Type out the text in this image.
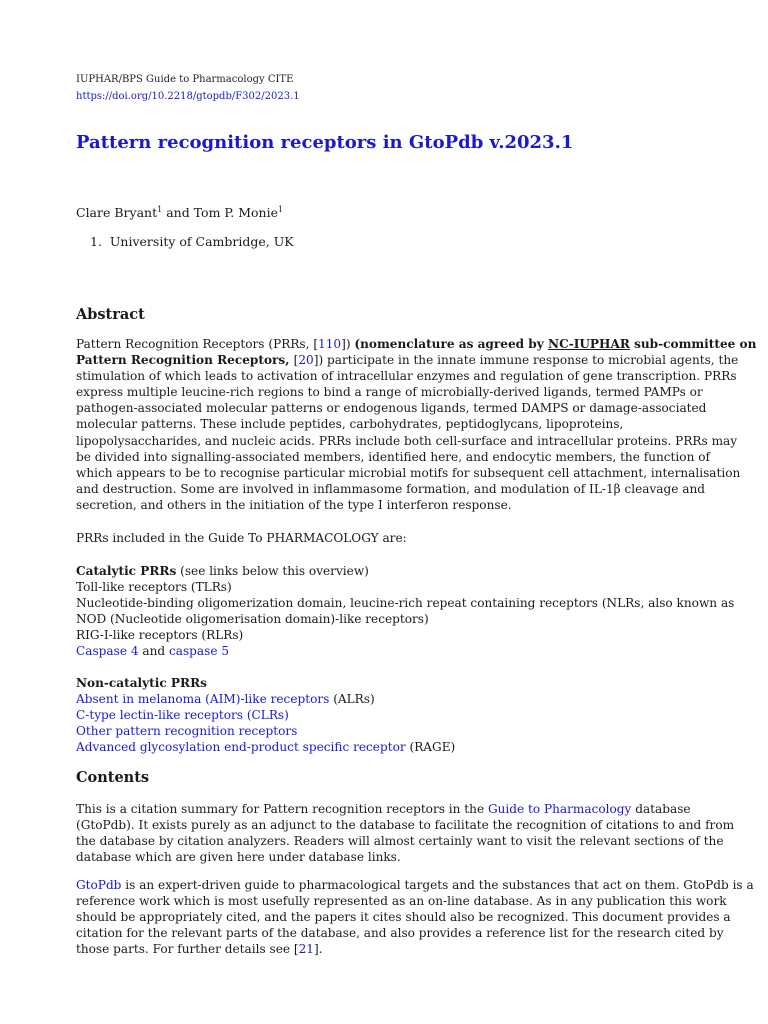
IUPHAR/BPS Guide to Pharmacology CITE
https://doi.org/10.2218/gtopdb/F302/2023.1
Pattern recognition receptors in GtoPdb v.2023.1
Clare Bryant$^1$ and Tom P. Monie$^1$
1. University of Cambridge, UK
Abstract
Pattern Recognition Receptors (PRRs, [110]) (nomenclature as agreed by NC-IUPHAR sub-committee on
Pattern Recognition Receptors, [20]) participate in the innate immune response to microbial agents, the
stimulation of which leads to activation of intracellular enzymes and regulation of gene transcription. PRRs
express multiple leucine-rich regions to bind a range of microbially-derived ligands, termed PAMPs or
pathogen-associated molecular patterns or endogenous ligands, termed DAMPS or damage-associated
molecular patterns. These include peptides, carbohydrates, peptidoglycans, lipoproteins,
lipopolysaccharides, and nucleic acids. PRRs include both cell-surface and intracellular proteins. PRRs may
be divided into signalling-associated members, identified here, and endocytic members, the function of
which appears to be to recognise particular microbial motifs for subsequent cell attachment, internalisation
and destruction. Some are involved in inflammasome formation, and modulation of IL-1β cleavage and
secretion, and others in the initiation of the type I interferon response.
PRRs included in the Guide To PHARMACOLOGY are:
Catalytic PRRs (see links below this overview)
Toll-like receptors (TLRs)
Nucleotide-binding oligomerization domain, leucine-rich repeat containing receptors (NLRs, also known as
NOD (Nucleotide oligomerisation domain)-like receptors)
RIG-I-like receptors (RLRs)
Caspase 4 and caspase 5
Non-catalytic PRRs
Absent in melanoma (AIM)-like receptors (ALRs)
C-type lectin-like receptors (CLRs)
Other pattern recognition receptors
Advanced glycosylation end-product specific receptor (RAGE)
Contents
This is a citation summary for Pattern recognition receptors in the Guide to Pharmacology database
(GtoPdb). It exists purely as an adjunct to the database to facilitate the recognition of citations to and from
the database by citation analyzers. Readers will almost certainly want to visit the relevant sections of the
database which are given here under database links.
GtoPdb is an expert-driven guide to pharmacological targets and the substances that act on them. GtoPdb is a
reference work which is most usefully represented as an on-line database. As in any publication this work
should be appropriately cited, and the papers it cites should also be recognized. This document provides a
citation for the relevant parts of the database, and also provides a reference list for the research cited by
those parts. For further details see [21].
